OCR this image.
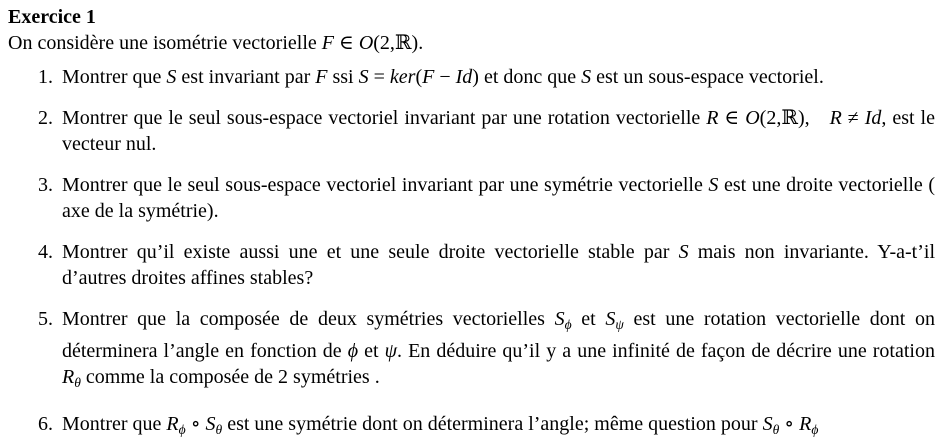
Exercice 1

On considère une isométrie vectorielle F ∈ O(2,ℝ).

1. Montrer que S est invariant par F ssi S = ker(F − Id) et donc que S est un sous-espace vectoriel.
2. Montrer que le seul sous-espace vectoriel invariant par une rotation vectorielle R ∈ O(2,ℝ), R ≠ Id, est le vecteur nul.
3. Montrer que le seul sous-espace vectoriel invariant par une symétrie vectorielle S est une droite vectorielle ( axe de la symétrie).
4. Montrer qu’il existe aussi une et une seule droite vectorielle stable par S mais non invariante. Y-a-t’il d’autres droites affines stables?
5. Montrer que la composée de deux symétries vectorielles Sϕ et Sψ est une rotation vectorielle dont on déterminera l’angle en fonction de ϕ et ψ. En déduire qu’il y a une infinité de façon de décrire une rotation Rθ comme la composée de 2 symétries .
6. Montrer que Rϕ ∘ Sθ est une symétrie dont on déterminera l’angle; même question pour Sθ ∘ Rϕ
